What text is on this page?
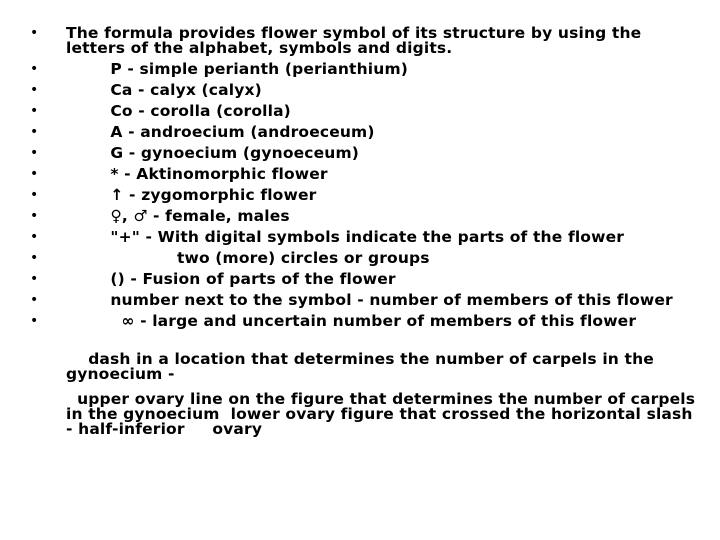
• The formula provides flower symbol of its structure by using the letters of the alphabet, symbols and digits.
• P - simple perianth (perianthium)
• Ca - calyx (calyx)
• Co - corolla (corolla)
• A - androecium (androeceum)
• G - gynoecium (gynoeceum)
• * - Aktinomorphic flower
• ↑ - zygomorphic flower
• ♀, ♂ - female, males
• "+" - With digital symbols indicate the parts of the flower
• two (more) circles or groups
• () - Fusion of parts of the flower
• number next to the symbol - number of members of this flower
• ∞ - large and uncertain number of members of this flower

dash in a location that determines the number of carpels in the gynoecium -

upper ovary line on the figure that determines the number of carpels in the gynoecium  lower ovary figure that crossed the horizontal slash - half-inferior     ovary
